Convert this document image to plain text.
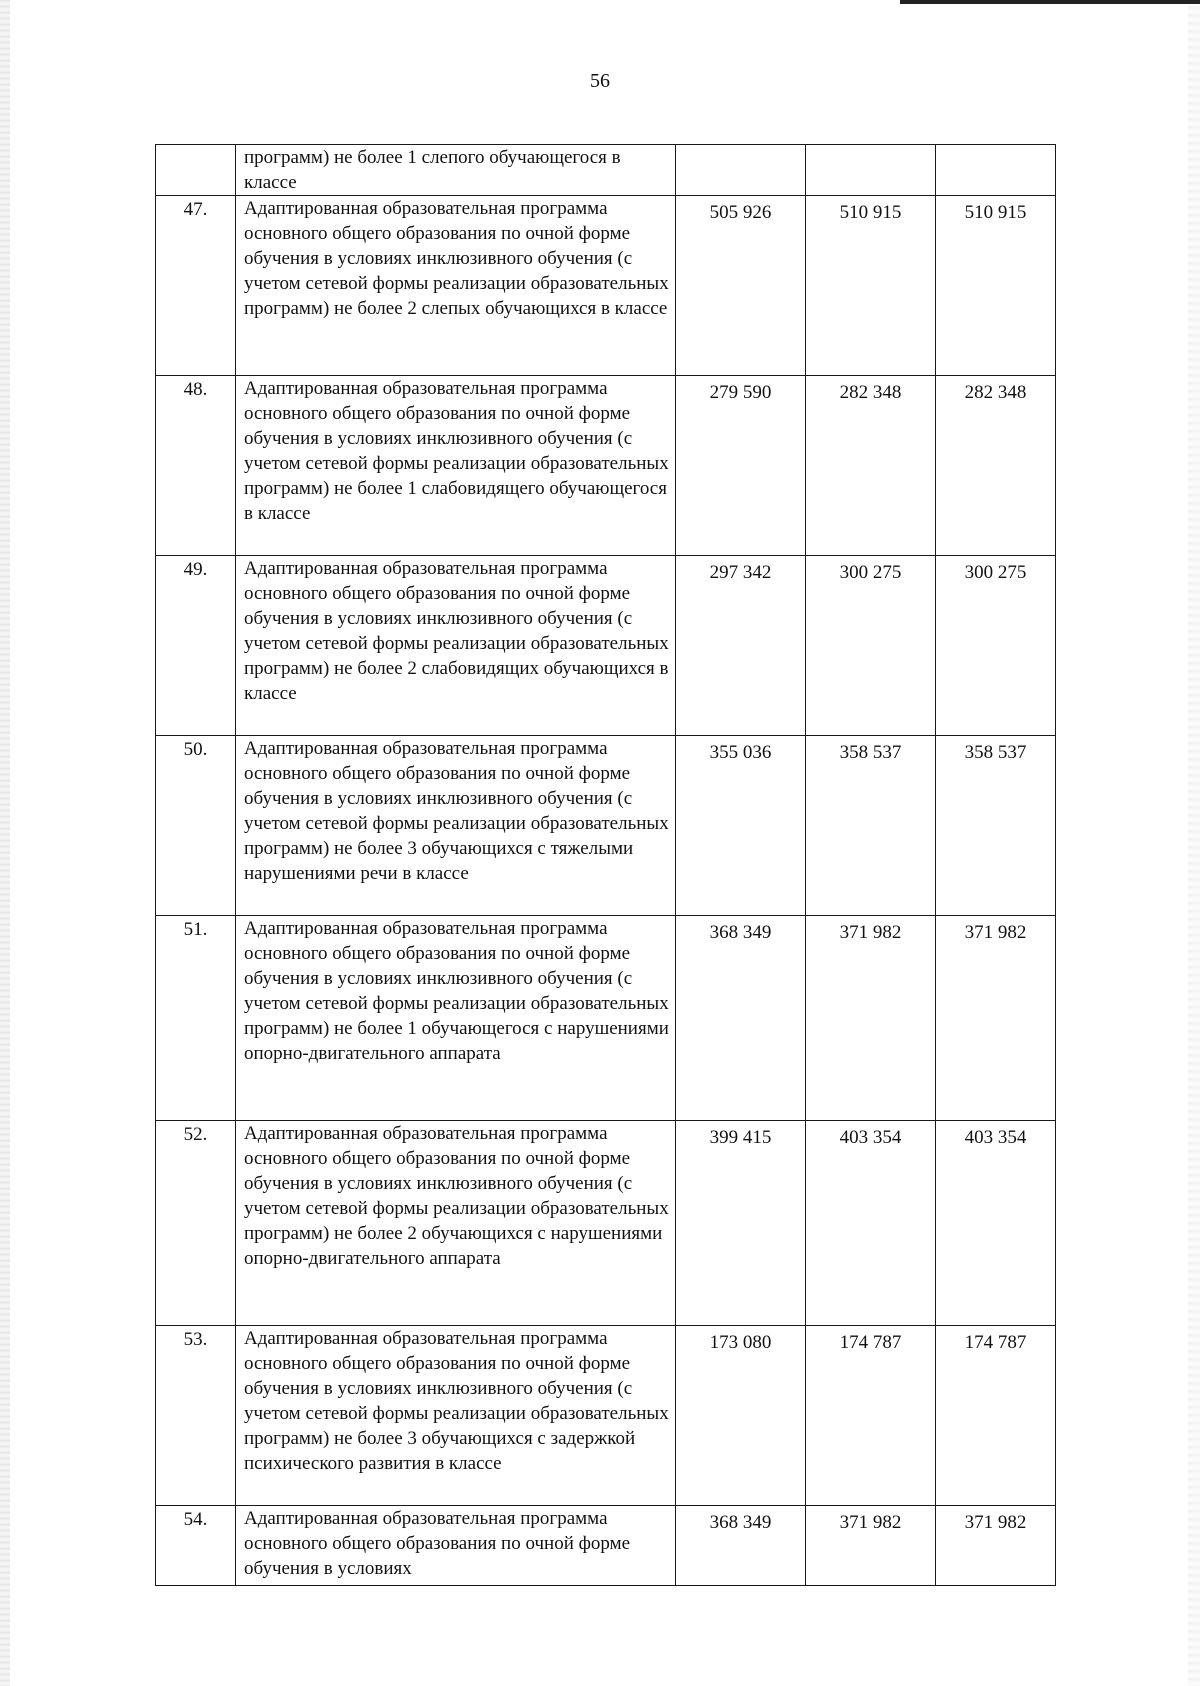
56
	программ) не более 1 слепого обучающегося в классе			
47.	Адаптированная образовательная программа основного общего образования по очной форме обучения в условиях инклюзивного обучения (с учетом сетевой формы реализации образовательных программ) не более 2 слепых обучающихся в классе	505 926	510 915	510 915
48.	Адаптированная образовательная программа основного общего образования по очной форме обучения в условиях инклюзивного обучения (с учетом сетевой формы реализации образовательных программ) не более 1 слабовидящего обучающегося в классе	279 590	282 348	282 348
49.	Адаптированная образовательная программа основного общего образования по очной форме обучения в условиях инклюзивного обучения (с учетом сетевой формы реализации образовательных программ) не более 2 слабовидящих обучающихся в классе	297 342	300 275	300 275
50.	Адаптированная образовательная программа основного общего образования по очной форме обучения в условиях инклюзивного обучения (с учетом сетевой формы реализации образовательных программ) не более 3 обучающихся с тяжелыми нарушениями речи в классе	355 036	358 537	358 537
51.	Адаптированная образовательная программа основного общего образования по очной форме обучения в условиях инклюзивного обучения (с учетом сетевой формы реализации образовательных программ) не более 1 обучающегося с нарушениями опорно-двигательного аппарата	368 349	371 982	371 982
52.	Адаптированная образовательная программа основного общего образования по очной форме обучения в условиях инклюзивного обучения (с учетом сетевой формы реализации образовательных программ) не более 2 обучающихся с нарушениями опорно-двигательного аппарата	399 415	403 354	403 354
53.	Адаптированная образовательная программа основного общего образования по очной форме обучения в условиях инклюзивного обучения (с учетом сетевой формы реализации образовательных программ) не более 3 обучающихся с задержкой психического развития в классе	173 080	174 787	174 787
54.	Адаптированная образовательная программа основного общего образования по очной форме обучения в условиях	368 349	371 982	371 982
